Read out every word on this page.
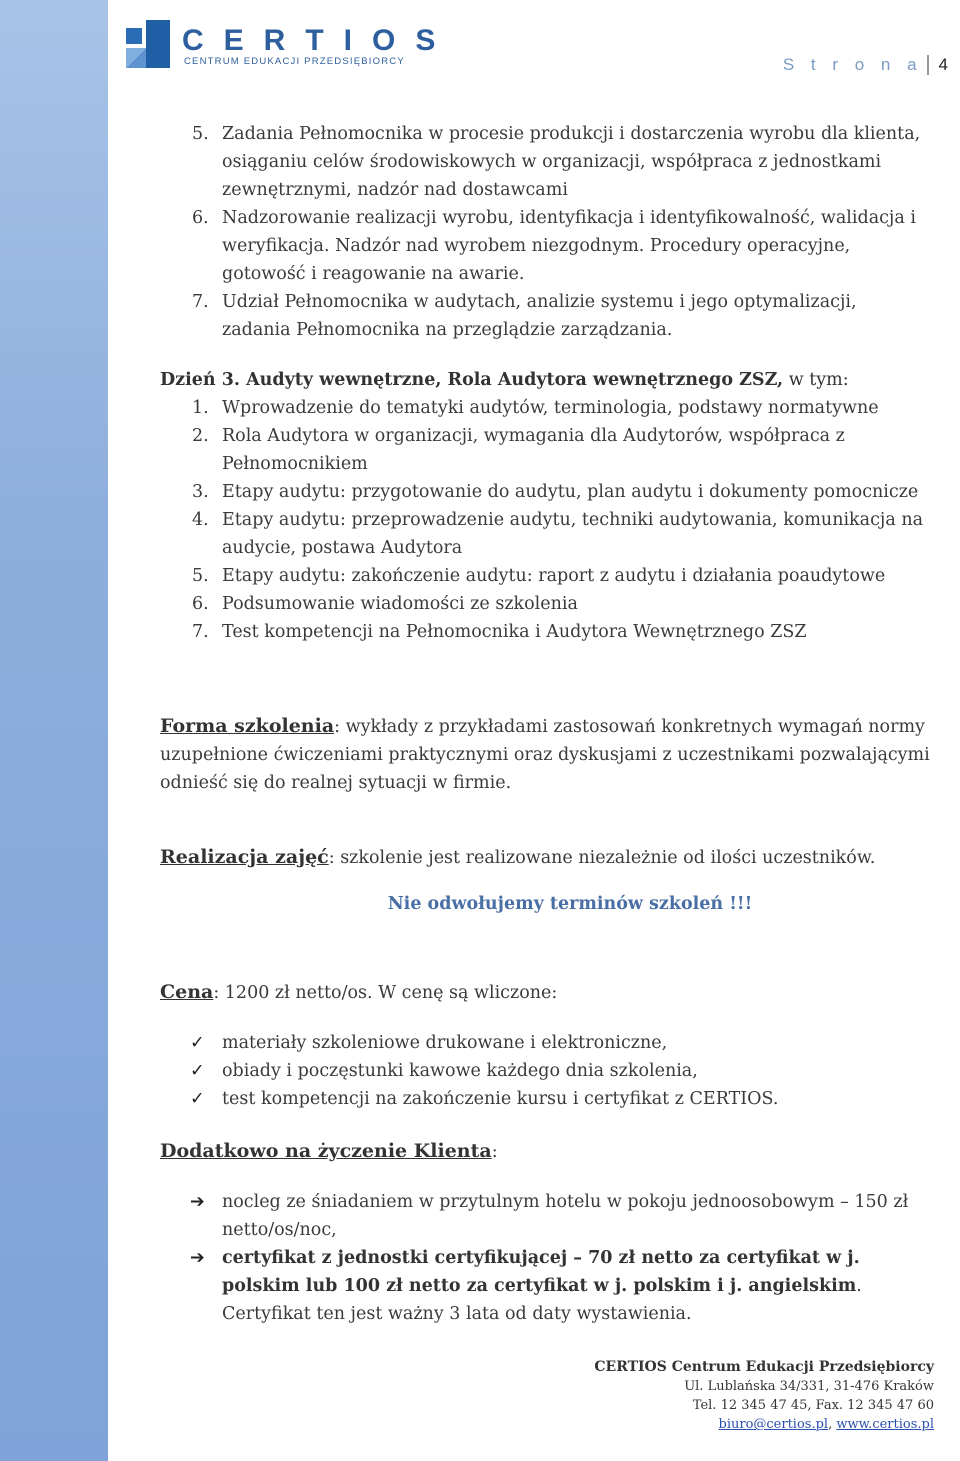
CERTIOS
CENTRUM EDUKACJI PRZEDSIĘBIORCY	S t r o n a 4
5. Zadania Pełnomocnika w procesie produkcji i dostarczenia wyrobu dla klienta, osiąganiu celów środowiskowych w organizacji, współpraca z jednostkami zewnętrznymi, nadzór nad dostawcami
6. Nadzorowanie realizacji wyrobu, identyfikacja i identyfikowalność, walidacja i weryfikacja. Nadzór nad wyrobem niezgodnym. Procedury operacyjne, gotowość i reagowanie na awarie.
7. Udział Pełnomocnika w audytach, analizie systemu i jego optymalizacji, zadania Pełnomocnika na przeglądzie zarządzania.
Dzień 3. Audyty wewnętrzne, Rola Audytora wewnętrznego ZSZ, w tym:
1. Wprowadzenie do tematyki audytów, terminologia, podstawy normatywne
2. Rola Audytora w organizacji, wymagania dla Audytorów, współpraca z Pełnomocnikiem
3. Etapy audytu: przygotowanie do audytu, plan audytu i dokumenty pomocnicze
4. Etapy audytu: przeprowadzenie audytu, techniki audytowania, komunikacja na audycie, postawa Audytora
5. Etapy audytu: zakończenie audytu: raport z audytu i działania poaudytowe
6. Podsumowanie wiadomości ze szkolenia
7. Test kompetencji na Pełnomocnika i Audytora Wewnętrznego ZSZ
Forma szkolenia: wykłady z przykładami zastosowań konkretnych wymagań normy uzupełnione ćwiczeniami praktycznymi oraz dyskusjami z uczestnikami pozwalającymi odnieść się do realnej sytuacji w firmie.
Realizacja zajęć: szkolenie jest realizowane niezależnie od ilości uczestników.
Nie odwołujemy terminów szkoleń !!!
Cena: 1200 zł netto/os. W cenę są wliczone:
✓ materiały szkoleniowe drukowane i elektroniczne,
✓ obiady i poczęstunki kawowe każdego dnia szkolenia,
✓ test kompetencji na zakończenie kursu i certyfikat z CERTIOS.
Dodatkowo na życzenie Klienta:
➔ nocleg ze śniadaniem w przytulnym hotelu w pokoju jednoosobowym – 150 zł netto/os/noc,
➔ certyfikat z jednostki certyfikującej – 70 zł netto za certyfikat w j. polskim lub 100 zł netto za certyfikat w j. polskim i j. angielskim. Certyfikat ten jest ważny 3 lata od daty wystawienia.
CERTIOS Centrum Edukacji Przedsiębiorcy
Ul. Lublańska 34/331, 31-476 Kraków
Tel. 12 345 47 45, Fax. 12 345 47 60
biuro@certios.pl, www.certios.pl
